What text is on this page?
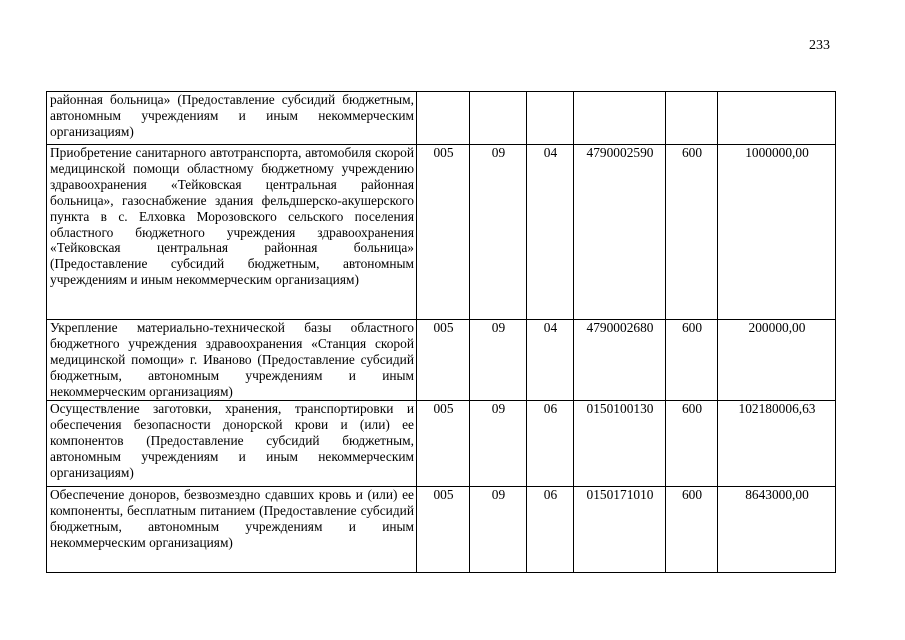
233
районная больница» (Предоставление субсидий бюджетным, автономным учреждениям и иным некоммерческим организациям)						
Приобретение санитарного автотранспорта, автомобиля скорой медицинской помощи областному бюджетному учреждению здравоохранения «Тейковская центральная районная больница», газоснабжение здания фельдшерско-акушерского пункта в с. Елховка Морозовского сельского поселения областного бюджетного учреждения здравоохранения «Тейковская центральная районная больница» (Предоставление субсидий бюджетным, автономным учреждениям и иным некоммерческим организациям)	005	09	04	4790002590	600	1000000,00
Укрепление материально-технической базы областного бюджетного учреждения здравоохранения «Станция скорой медицинской помощи» г. Иваново (Предоставление субсидий бюджетным, автономным учреждениям и иным некоммерческим организациям)	005	09	04	4790002680	600	200000,00
Осуществление заготовки, хранения, транспортировки и обеспечения безопасности донорской крови и (или) ее компонентов (Предоставление субсидий бюджетным, автономным учреждениям и иным некоммерческим организациям)	005	09	06	0150100130	600	102180006,63
Обеспечение доноров, безвозмездно сдавших кровь и (или) ее компоненты, бесплатным питанием (Предоставление субсидий бюджетным, автономным учреждениям и иным некоммерческим организациям)	005	09	06	0150171010	600	8643000,00
